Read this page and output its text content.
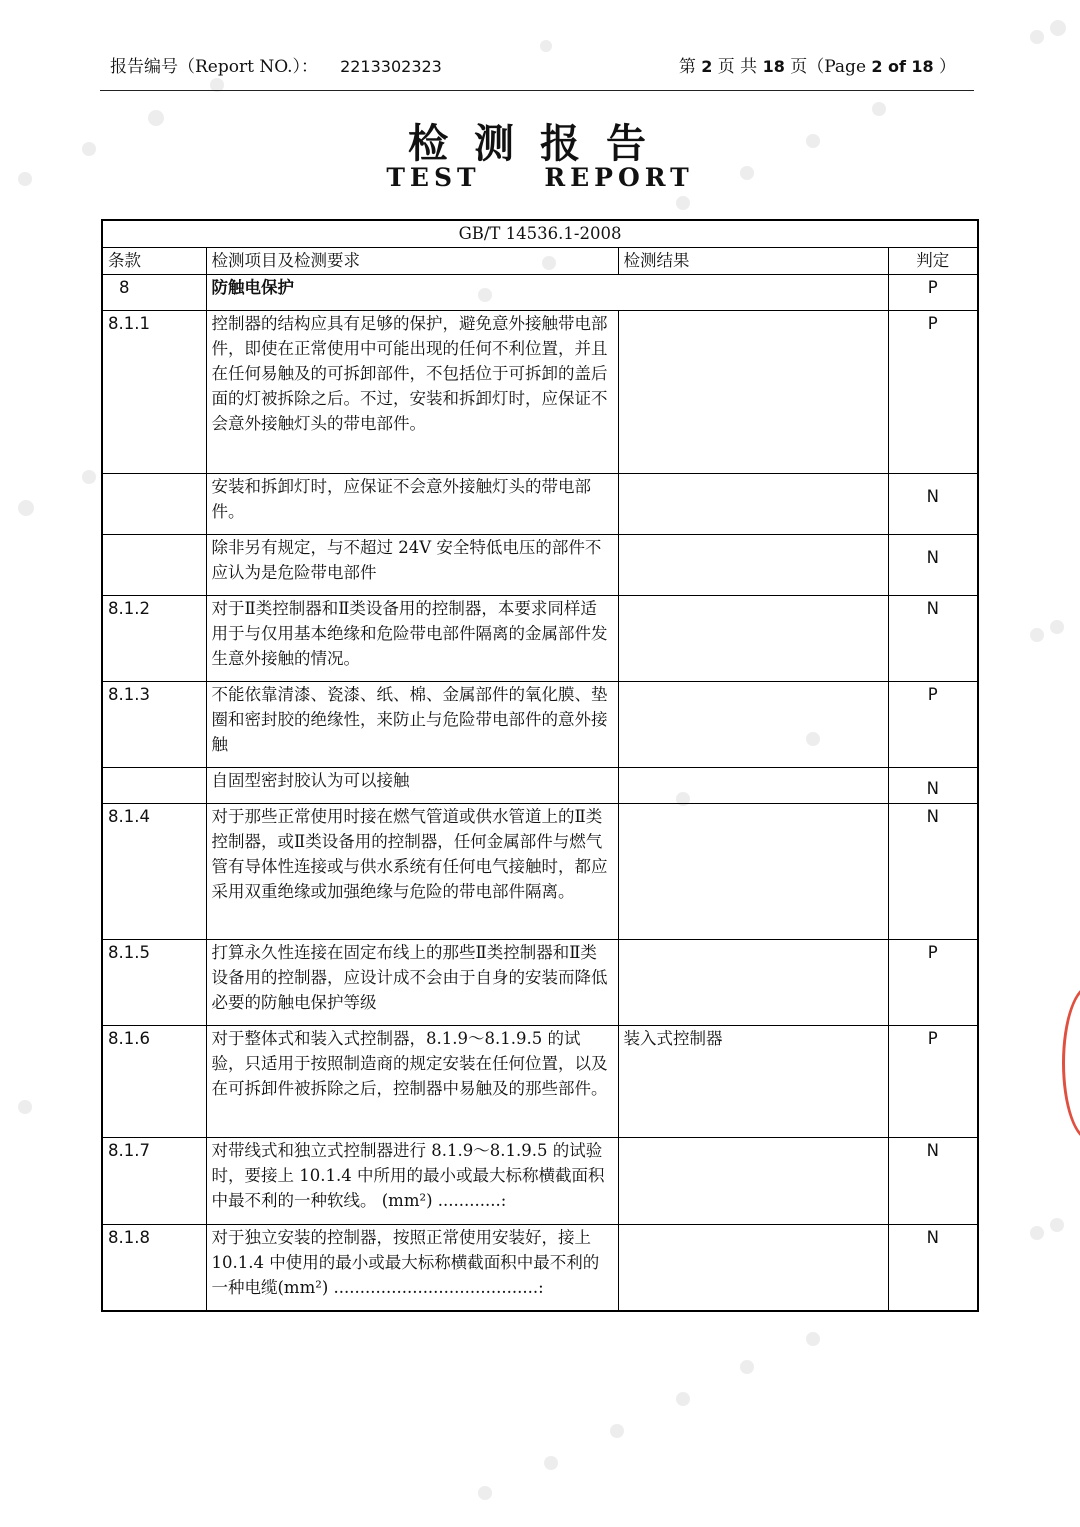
报告编号（Report NO.）： 2213302323	第 2 页 共 18 页（Page 2 of 18 ）
检测报告
TEST REPORT
GB/T 14536.1-2008			
条款	检测项目及检测要求	检测结果	判定
8	防触电保护		P
8.1.1	控制器的结构应具有足够的保护，避免意外接触带电部件，即使在正常使用中可能出现的任何不利位置，并且在任何易触及的可拆卸部件，不包括位于可拆卸的盖后面的灯被拆除之后。不过，安装和拆卸灯时，应保证不会意外接触灯头的带电部件。		P
	安装和拆卸灯时，应保证不会意外接触灯头的带电部件。		N
	除非另有规定，与不超过 24V 安全特低电压的部件不应认为是危险带电部件		N
8.1.2	对于Ⅱ类控制器和Ⅱ类设备用的控制器，本要求同样适用于与仅用基本绝缘和危险带电部件隔离的金属部件发生意外接触的情况。		N
8.1.3	不能依靠清漆、瓷漆、纸、棉、金属部件的氧化膜、垫圈和密封胶的绝缘性，来防止与危险带电部件的意外接触		P
	自固型密封胶认为可以接触		N
8.1.4	对于那些正常使用时接在燃气管道或供水管道上的Ⅱ类控制器，或Ⅱ类设备用的控制器，任何金属部件与燃气管有导体性连接或与供水系统有任何电气接触时，都应采用双重绝缘或加强绝缘与危险的带电部件隔离。		N
8.1.5	打算永久性连接在固定布线上的那些Ⅱ类控制器和Ⅱ类设备用的控制器，应设计成不会由于自身的安装而降低必要的防触电保护等级		P
8.1.6	对于整体式和装入式控制器，8.1.9～8.1.9.5 的试验，只适用于按照制造商的规定安装在任何位置，以及在可拆卸件被拆除之后，控制器中易触及的那些部件。	装入式控制器	P
8.1.7	对带线式和独立式控制器进行 8.1.9～8.1.9.5 的试验时，要接上 10.1.4 中所用的最小或最大标称横截面积中最不利的一种软线。 (mm²) ............:		N
8.1.8	对于独立安装的控制器，按照正常使用安装好，接上 10.1.4 中使用的最小或最大标称横截面积中最不利的一种电缆(mm²) .......................................:		N
